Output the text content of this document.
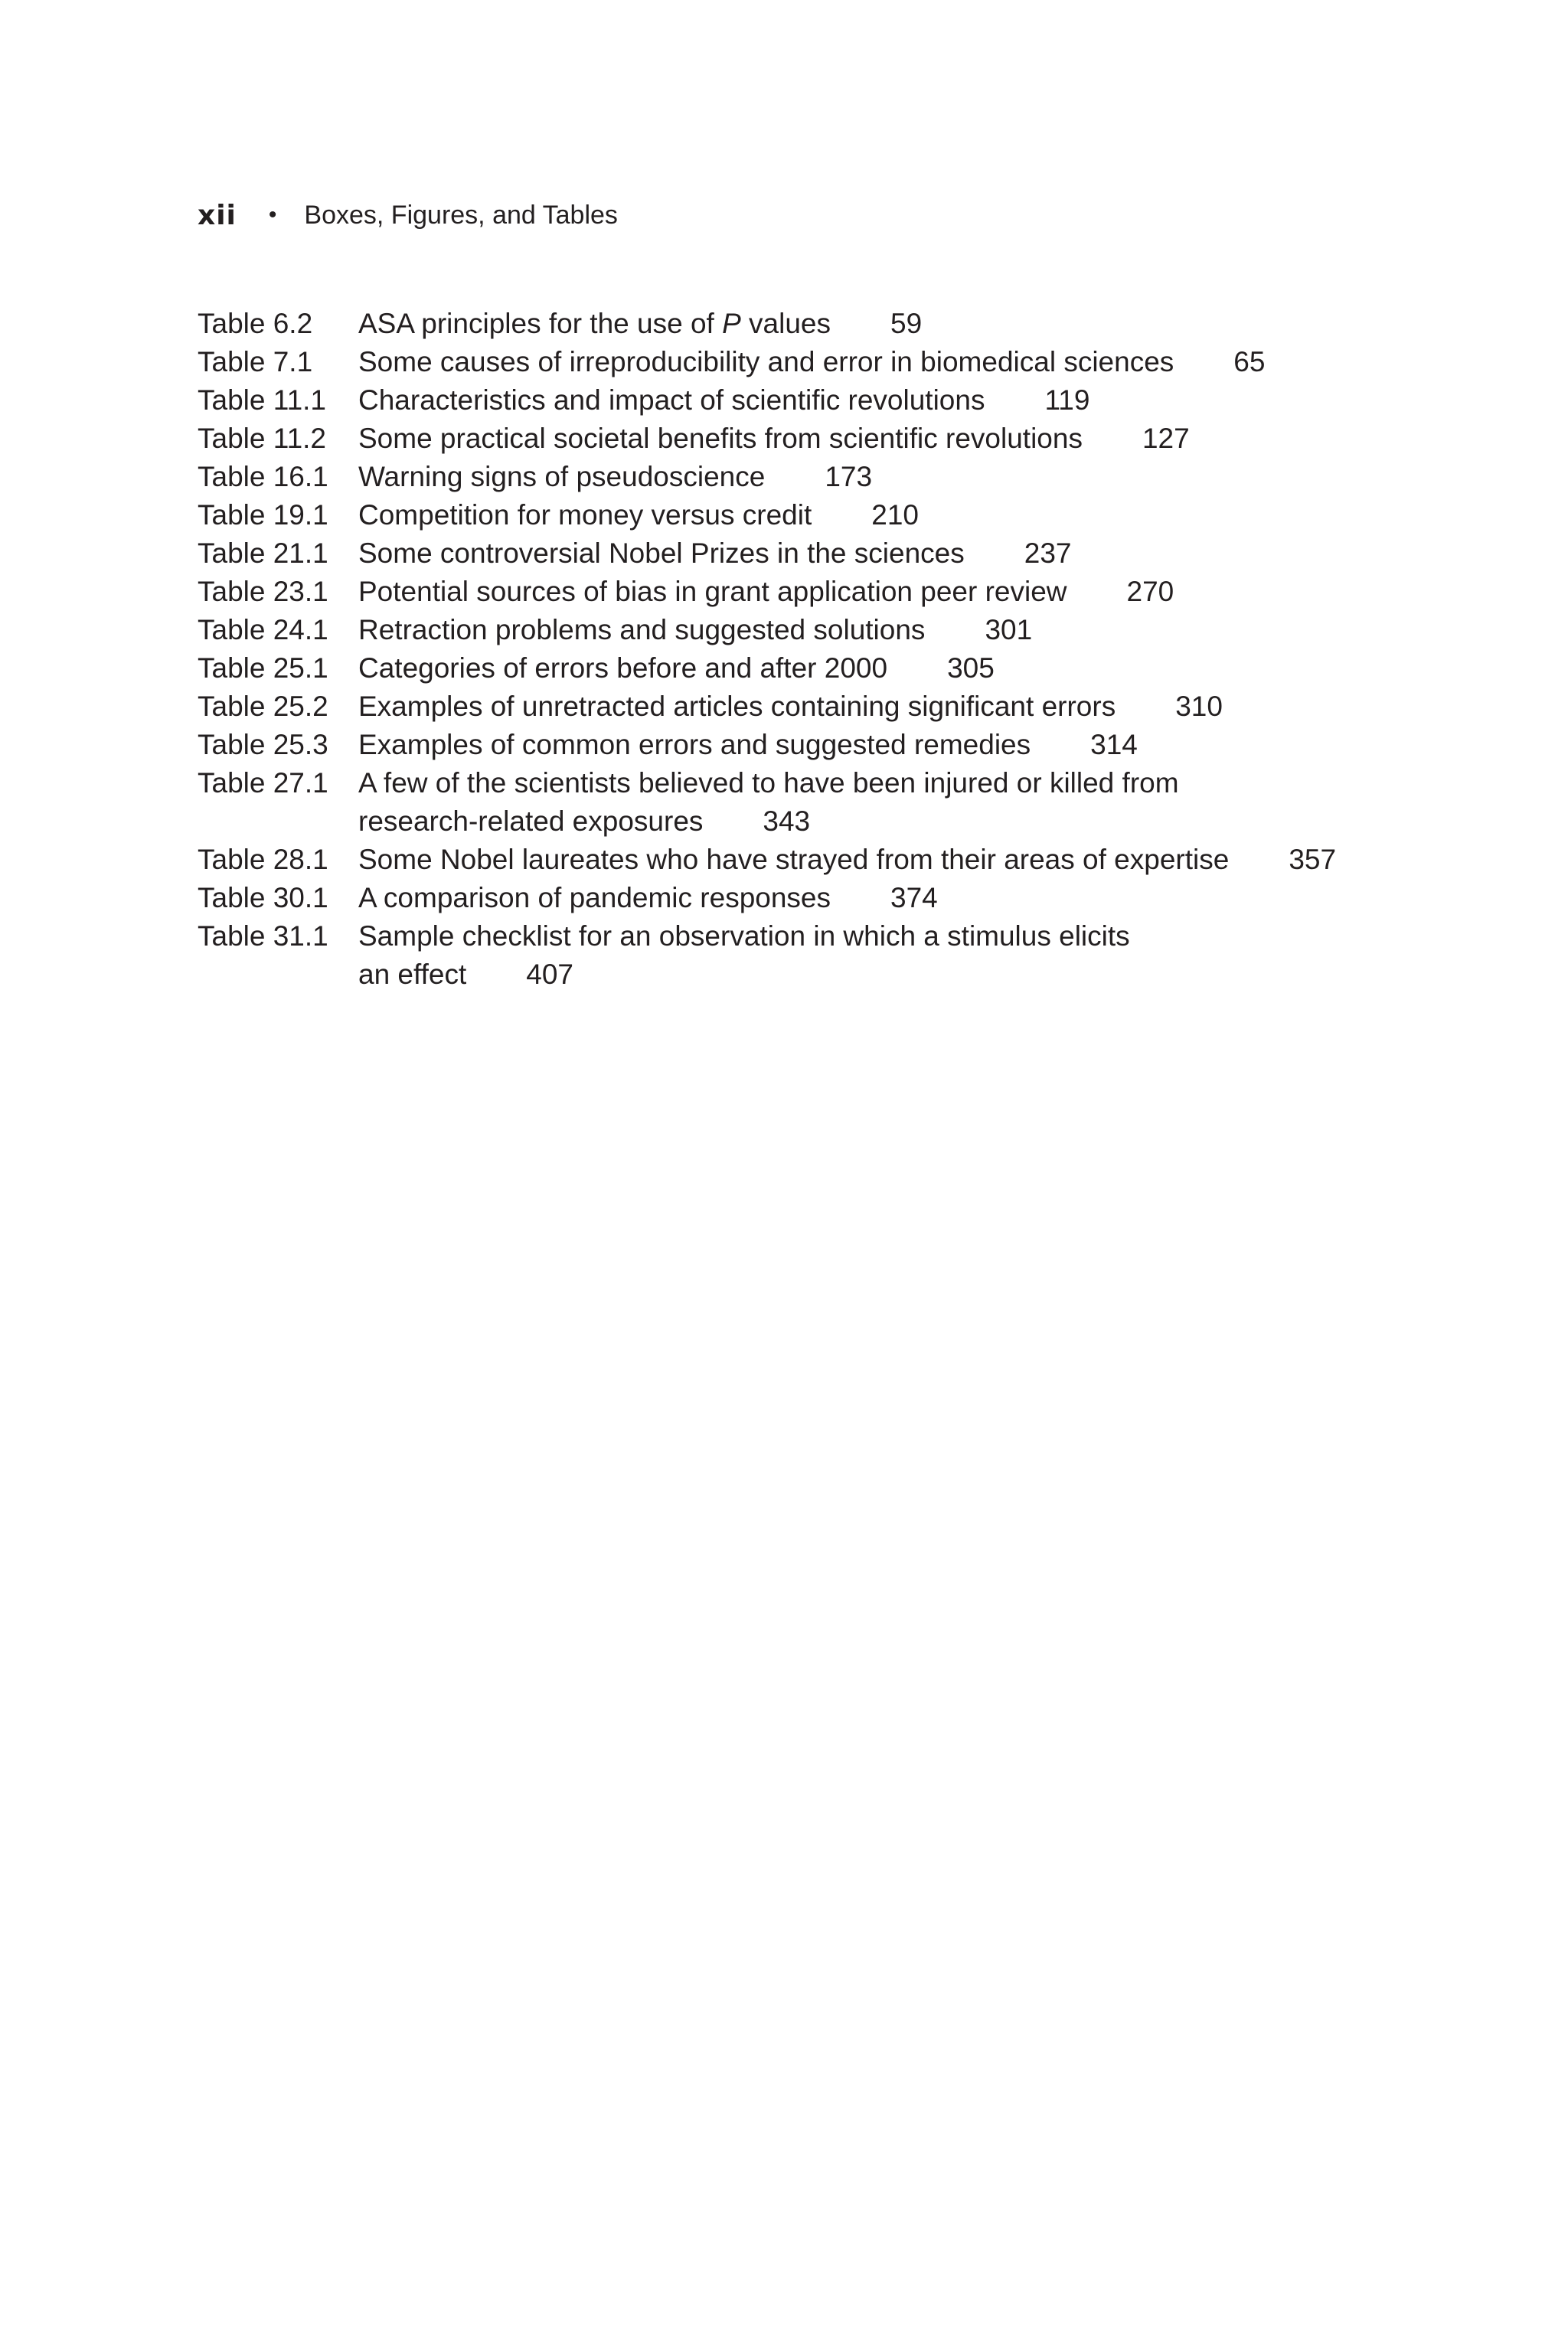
xii • Boxes, Figures, and Tables
Table 6.2	ASA principles for the use of P values 59
Table 7.1	Some causes of irreproducibility and error in biomedical sciences 65
Table 11.1	Characteristics and impact of scientific revolutions 119
Table 11.2	Some practical societal benefits from scientific revolutions 127
Table 16.1	Warning signs of pseudoscience 173
Table 19.1	Competition for money versus credit 210
Table 21.1	Some controversial Nobel Prizes in the sciences 237
Table 23.1	Potential sources of bias in grant application peer review 270
Table 24.1	Retraction problems and suggested solutions 301
Table 25.1	Categories of errors before and after 2000 305
Table 25.2	Examples of unretracted articles containing significant errors 310
Table 25.3	Examples of common errors and suggested remedies 314
Table 27.1	A few of the scientists believed to have been injured or killed from
research-related exposures 343
Table 28.1	Some Nobel laureates who have strayed from their areas of expertise 357
Table 30.1	A comparison of pandemic responses 374
Table 31.1	Sample checklist for an observation in which a stimulus elicits
an effect 407
